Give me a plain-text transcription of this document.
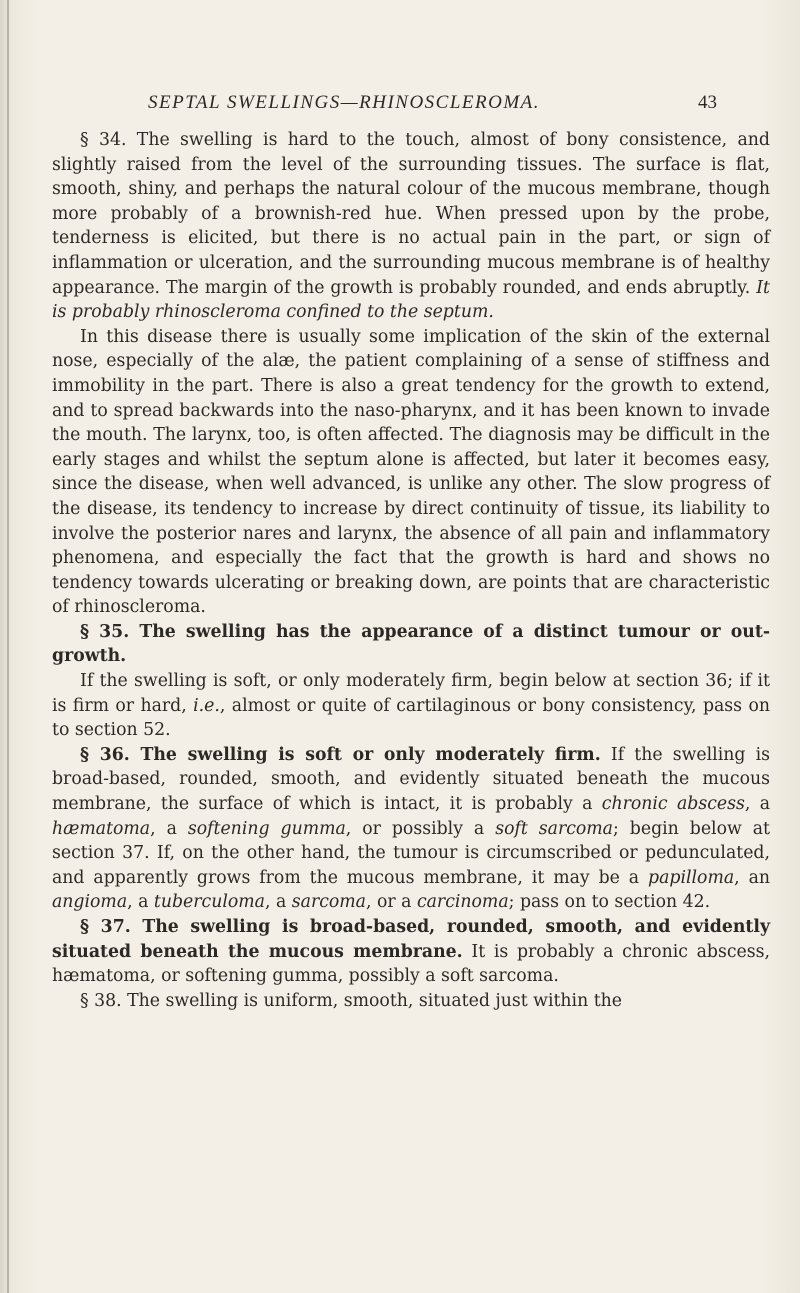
SEPTAL SWELLINGS—RHINOSCLEROMA.	43

§ 34. The swelling is hard to the touch, almost of bony consistence, and slightly raised from the level of the surrounding tissues. The surface is flat, smooth, shiny, and perhaps the natural colour of the mucous membrane, though more probably of a brownish-red hue. When pressed upon by the probe, tenderness is elicited, but there is no actual pain in the part, or sign of inflammation or ulceration, and the surrounding mucous membrane is of healthy appearance. The margin of the growth is probably rounded, and ends abruptly. It is probably rhinoscleroma confined to the septum.

In this disease there is usually some implication of the skin of the external nose, especially of the alæ, the patient complaining of a sense of stiffness and immobility in the part. There is also a great tendency for the growth to extend, and to spread backwards into the naso-pharynx, and it has been known to invade the mouth. The larynx, too, is often affected. The diagnosis may be difficult in the early stages and whilst the septum alone is affected, but later it becomes easy, since the disease, when well advanced, is unlike any other. The slow progress of the disease, its tendency to increase by direct continuity of tissue, its liability to involve the posterior nares and larynx, the absence of all pain and inflammatory phenomena, and especially the fact that the growth is hard and shows no tendency towards ulcerating or breaking down, are points that are characteristic of rhinoscleroma.

§ 35. The swelling has the appearance of a distinct tumour or out-growth.

If the swelling is soft, or only moderately firm, begin below at section 36; if it is firm or hard, i.e., almost or quite of cartilaginous or bony consistency, pass on to section 52.

§ 36. The swelling is soft or only moderately firm. If the swelling is broad-based, rounded, smooth, and evidently situated beneath the mucous membrane, the surface of which is intact, it is probably a chronic abscess, a hæmatoma, a softening gumma, or possibly a soft sarcoma; begin below at section 37. If, on the other hand, the tumour is circumscribed or pedunculated, and apparently grows from the mucous membrane, it may be a papilloma, an angioma, a tuberculoma, a sarcoma, or a carcinoma; pass on to section 42.

§ 37. The swelling is broad-based, rounded, smooth, and evidently situated beneath the mucous membrane. It is probably a chronic abscess, hæmatoma, or softening gumma, possibly a soft sarcoma.

§ 38. The swelling is uniform, smooth, situated just within the
